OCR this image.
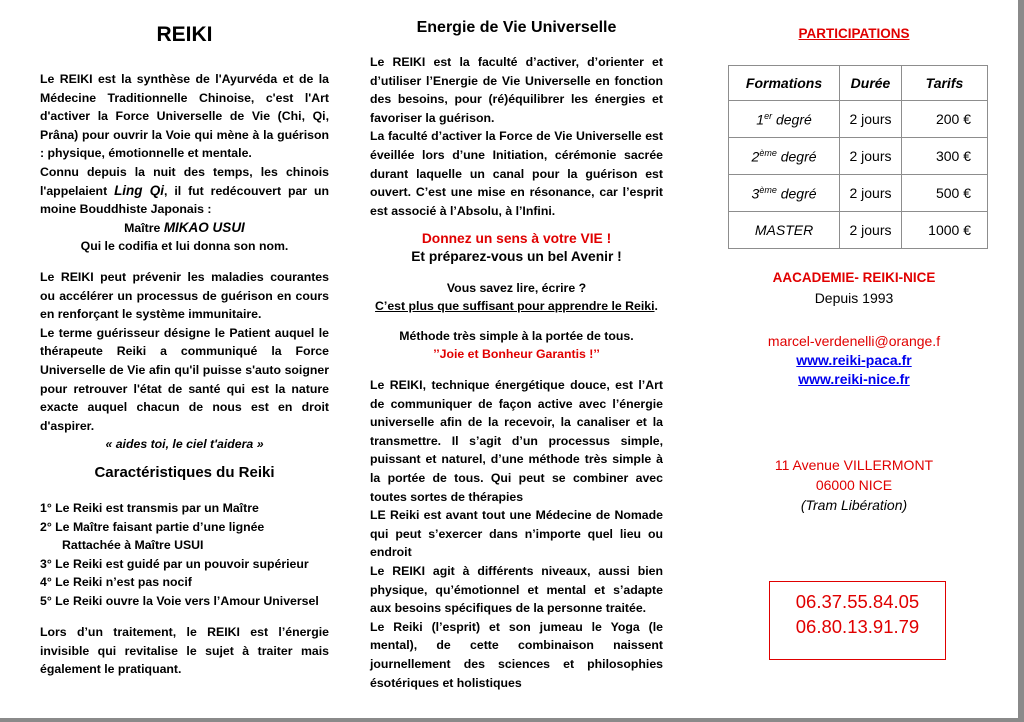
REIKI

Le REIKI est la synthèse de l'Ayurvéda et de la Médecine Traditionnelle Chinoise, c'est l'Art d'activer la Force Universelle de Vie (Chi, Qi, Prâna) pour ouvrir la Voie qui mène à la guérison : physique, émotionnelle et mentale.

Connu depuis la nuit des temps, les chinois l'appelaient Ling Qi, il fut redécouvert par un moine Bouddhiste Japonais :

Maître MIKAO USUI

Qui le codifia et lui donna son nom.

Le REIKI peut prévenir les maladies courantes ou accélérer un processus de guérison en cours en renforçant le système immunitaire.

Le terme guérisseur désigne le Patient auquel le thérapeute Reiki a communiqué la Force Universelle de Vie afin qu'il puisse s'auto soigner pour retrouver l'état de santé qui est la nature exacte auquel chacun de nous est en droit d'aspirer.

« aides toi, le ciel t'aidera »

Caractéristiques du Reiki

1° Le Reiki est transmis par un Maître

2° Le Maître faisant partie d’une lignée

Rattachée à Maître USUI

3° Le Reiki est guidé par un pouvoir supérieur

4° Le Reiki n’est pas nocif

5° Le Reiki ouvre la Voie vers l’Amour Universel

Lors d’un traitement, le REIKI est l’énergie invisible qui revitalise le sujet à traiter mais également le pratiquant.

Energie de Vie Universelle

Le REIKI est la faculté d’activer, d’orienter et d’utiliser l’Energie de Vie Universelle en fonction des besoins, pour (ré)équilibrer les énergies et favoriser la guérison.

La faculté d’activer la Force de Vie Universelle est éveillée lors d’une Initiation, cérémonie sacrée durant laquelle un canal pour la guérison est ouvert. C’est une mise en résonance, car l’esprit est associé à l’Absolu, à l’Infini.

Donnez un sens à votre VIE !

Et préparez-vous un bel Avenir !

Vous savez lire, écrire ?

C’est plus que suffisant pour apprendre le Reiki.

Méthode très simple à la portée de tous.

’’Joie et Bonheur Garantis !’’

Le REIKI, technique énergétique douce, est l’Art de communiquer de façon active avec l’énergie universelle afin de la recevoir, la canaliser et la transmettre. Il s’agit d’un processus simple, puissant et naturel, d’une méthode très simple à la portée de tous. Qui peut se combiner avec toutes sortes de thérapies

LE Reiki est avant tout une Médecine de Nomade qui peut s’exercer dans n’importe quel lieu ou endroit

Le REIKI agit à différents niveaux, aussi bien physique, qu’émotionnel et mental et s’adapte aux besoins spécifiques de la personne traitée.

Le Reiki (l’esprit) et son jumeau le Yoga (le mental), de cette combinaison naissent journellement des sciences et philosophies ésotériques et holistiques

PARTICIPATIONS

Formations	Durée	Tarifs
1er degré	2 jours	200 €
2ème degré	2 jours	300 €
3ème degré	2 jours	500 €
MASTER	2 jours	1000 €

AACADEMIE- REIKI-NICE

Depuis 1993

marcel-verdenelli@orange.f

www.reiki-paca.fr

www.reiki-nice.fr

11 Avenue VILLERMONT

06000 NICE

(Tram Libération)

06.37.55.84.05
06.80.13.91.79
